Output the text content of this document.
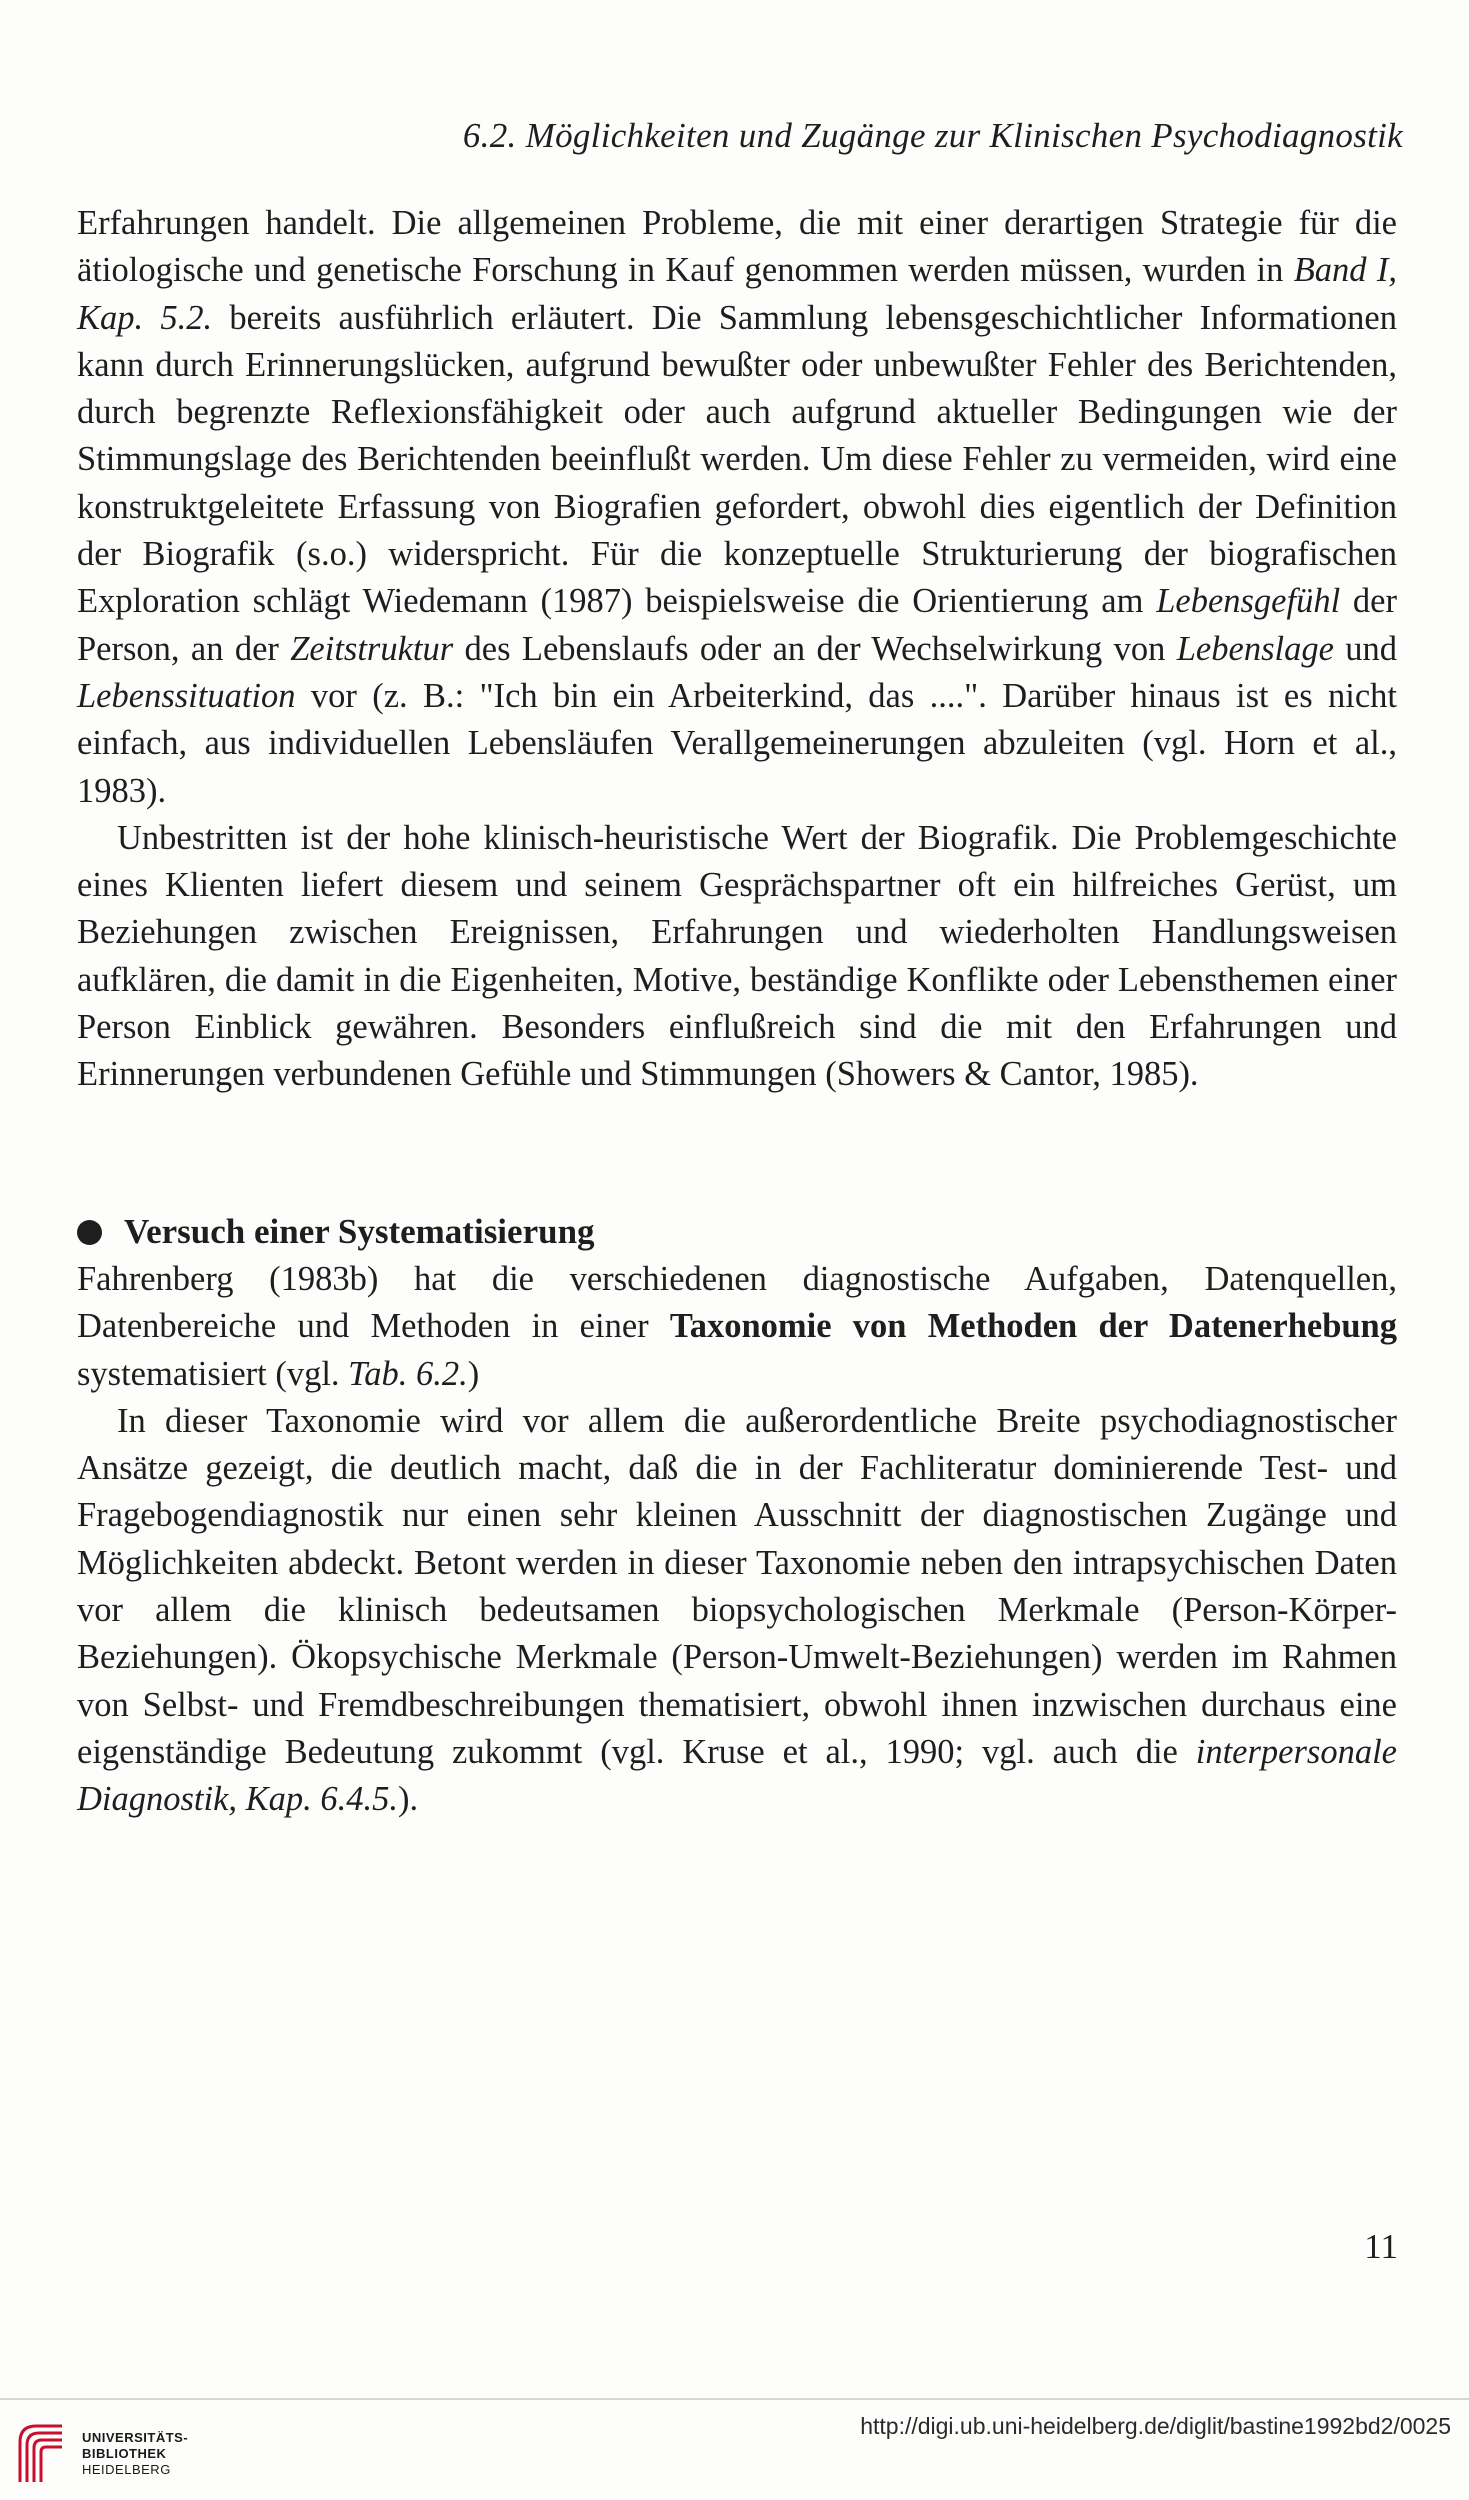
6.2. Möglichkeiten und Zugänge zur Klinischen Psychodiagnostik

Erfahrungen handelt. Die allgemeinen Probleme, die mit einer derartigen Strategie für die ätiologische und genetische Forschung in Kauf genommen werden müssen, wurden in Band I, Kap. 5.2. bereits ausführlich erläutert. Die Sammlung lebensgeschichtlicher Informationen kann durch Erinnerungslücken, aufgrund bewußter oder unbewußter Fehler des Berichtenden, durch begrenzte Reflexionsfähigkeit oder auch aufgrund aktueller Bedingungen wie der Stimmungslage des Berichtenden beeinflußt werden. Um diese Fehler zu vermeiden, wird eine konstruktgeleitete Erfassung von Biografien gefordert, obwohl dies eigentlich der Definition der Biografik (s.o.) widerspricht. Für die konzeptuelle Strukturierung der biografischen Exploration schlägt Wiedemann (1987) beispielsweise die Orientierung am Lebensgefühl der Person, an der Zeitstruktur des Lebenslaufs oder an der Wechselwirkung von Lebenslage und Lebenssituation vor (z. B.: "Ich bin ein Arbeiterkind, das ....". Darüber hinaus ist es nicht einfach, aus individuellen Lebensläufen Verallgemeinerungen abzuleiten (vgl. Horn et al., 1983).

Unbestritten ist der hohe klinisch-heuristische Wert der Biografik. Die Problemgeschichte eines Klienten liefert diesem und seinem Gesprächspartner oft ein hilfreiches Gerüst, um Beziehungen zwischen Ereignissen, Erfahrungen und wiederholten Handlungsweisen aufklären, die damit in die Eigenheiten, Motive, beständige Konflikte oder Lebensthemen einer Person Einblick gewähren. Besonders einflußreich sind die mit den Erfahrungen und Erinnerungen verbundenen Gefühle und Stimmungen (Showers & Cantor, 1985).

Versuch einer Systematisierung

Fahrenberg (1983b) hat die verschiedenen diagnostische Aufgaben, Datenquellen, Datenbereiche und Methoden in einer Taxonomie von Methoden der Datenerhebung systematisiert (vgl. Tab. 6.2.)

In dieser Taxonomie wird vor allem die außerordentliche Breite psychodiagnostischer Ansätze gezeigt, die deutlich macht, daß die in der Fachliteratur dominierende Test- und Fragebogendiagnostik nur einen sehr kleinen Ausschnitt der diagnostischen Zugänge und Möglichkeiten abdeckt. Betont werden in dieser Taxonomie neben den intrapsychischen Daten vor allem die klinisch bedeutsamen biopsychologischen Merkmale (Person-Körper-Beziehungen). Ökopsychische Merkmale (Person-Umwelt-Beziehungen) werden im Rahmen von Selbst- und Fremdbeschreibungen thematisiert, obwohl ihnen inzwischen durchaus eine eigenständige Bedeutung zukommt (vgl. Kruse et al., 1990; vgl. auch die interpersonale Diagnostik, Kap. 6.4.5.).

11
UNIVERSITÄTS-
BIBLIOTHEK
HEIDELBERG
http://digi.ub.uni-heidelberg.de/diglit/bastine1992bd2/0025
